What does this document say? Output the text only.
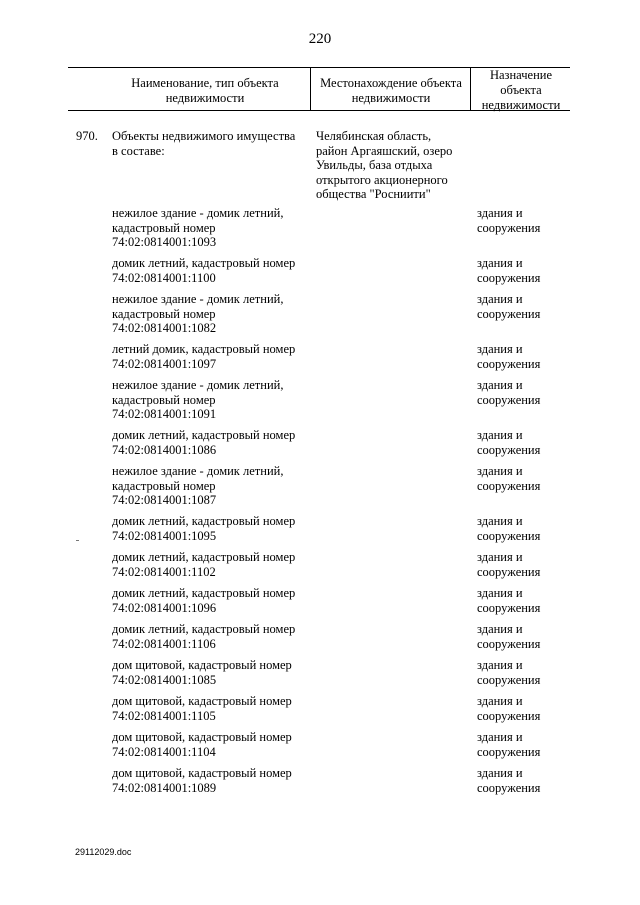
220
Наименование, тип объекта
недвижимости
Местонахождение объекта
недвижимости
Назначение
объекта
недвижимости
970. Объекты недвижимого имущества
в составе:
Челябинская область,
район Аргаяшский, озеро
Увильды, база отдыха
открытого акционерного
общества "Росниити"
нежилое здание - домик летний,
кадастровый номер
74:02:0814001:1093
здания и
сооружения
домик летний, кадастровый номер
74:02:0814001:1100
здания и
сооружения
нежилое здание - домик летний,
кадастровый номер
74:02:0814001:1082
здания и
сооружения
летний домик, кадастровый номер
74:02:0814001:1097
здания и
сооружения
нежилое здание - домик летний,
кадастровый номер
74:02:0814001:1091
здания и
сооружения
домик летний, кадастровый номер
74:02:0814001:1086
здания и
сооружения
нежилое здание - домик летний,
кадастровый номер
74:02:0814001:1087
здания и
сооружения
домик летний, кадастровый номер
74:02:0814001:1095
здания и
сооружения
домик летний, кадастровый номер
74:02:0814001:1102
здания и
сооружения
домик летний, кадастровый номер
74:02:0814001:1096
здания и
сооружения
домик летний, кадастровый номер
74:02:0814001:1106
здания и
сооружения
дом щитовой, кадастровый номер
74:02:0814001:1085
здания и
сооружения
дом щитовой, кадастровый номер
74:02:0814001:1105
здания и
сооружения
дом щитовой, кадастровый номер
74:02:0814001:1104
здания и
сооружения
дом щитовой, кадастровый номер
74:02:0814001:1089
здания и
сооружения
29112029.doc
